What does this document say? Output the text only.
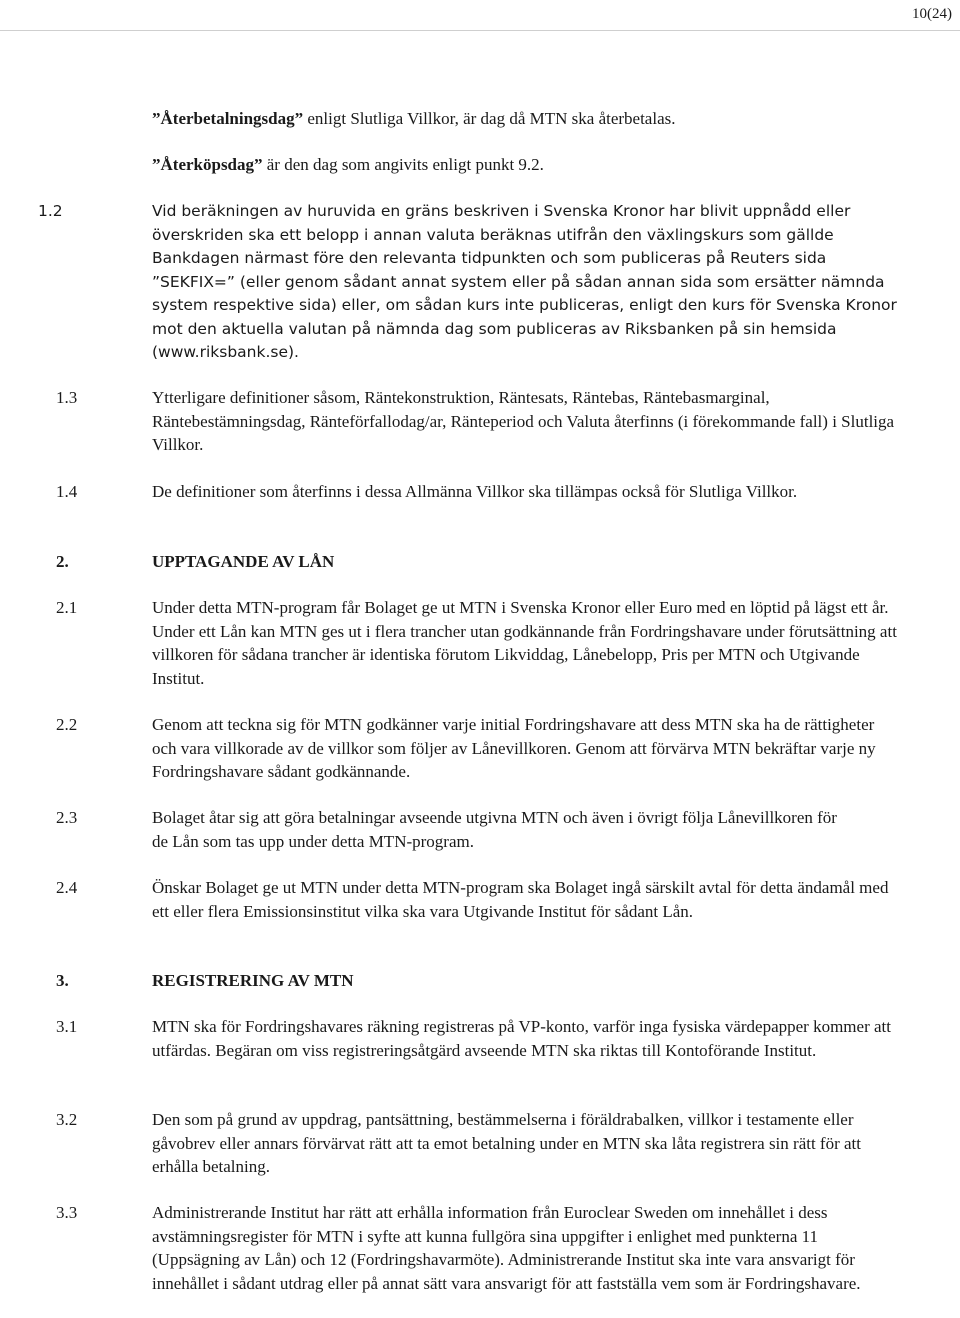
10(24)
”Återbetalningsdag” enligt Slutliga Villkor, är dag då MTN ska återbetalas.
”Återköpsdag” är den dag som angivits enligt punkt 9.2.
1.2	Vid beräkningen av huruvida en gräns beskriven i Svenska Kronor har blivit uppnådd eller överskriden ska ett belopp i annan valuta beräknas utifrån den växlingskurs som gällde Bankdagen närmast före den relevanta tidpunkten och som publiceras på Reuters sida ”SEKFIX=” (eller genom sådant annat system eller på sådan annan sida som ersätter nämnda system respektive sida) eller, om sådan kurs inte publiceras, enligt den kurs för Svenska Kronor mot den aktuella valutan på nämnda dag som publiceras av Riksbanken på sin hemsida (www.riksbank.se).
1.3	Ytterligare definitioner såsom, Räntekonstruktion, Räntesats, Räntebas, Räntebasmarginal, Räntebestämningsdag, Ränteförfallodag/ar, Ränteperiod och Valuta återfinns (i förekommande fall) i Slutliga Villkor.
1.4	De definitioner som återfinns i dessa Allmänna Villkor ska tillämpas också för Slutliga Villkor.
2.	UPPTAGANDE AV LÅN
2.1	Under detta MTN-program får Bolaget ge ut MTN i Svenska Kronor eller Euro med en löptid på lägst ett år. Under ett Lån kan MTN ges ut i flera trancher utan godkännande från Fordringshavare under förutsättning att villkoren för sådana trancher är identiska förutom Likviddag, Lånebelopp, Pris per MTN och Utgivande Institut.
2.2	Genom att teckna sig för MTN godkänner varje initial Fordringshavare att dess MTN ska ha de rättigheter och vara villkorade av de villkor som följer av Lånevillkoren. Genom att förvärva MTN bekräftar varje ny Fordringshavare sådant godkännande.
2.3	Bolaget åtar sig att göra betalningar avseende utgivna MTN och även i övrigt följa Lånevillkoren för de Lån som tas upp under detta MTN-program.
2.4	Önskar Bolaget ge ut MTN under detta MTN-program ska Bolaget ingå särskilt avtal för detta ändamål med ett eller flera Emissionsinstitut vilka ska vara Utgivande Institut för sådant Lån.
3.	REGISTRERING AV MTN
3.1	MTN ska för Fordringshavares räkning registreras på VP-konto, varför inga fysiska värdepapper kommer att utfärdas. Begäran om viss registreringsåtgärd avseende MTN ska riktas till Kontoförande Institut.
3.2	Den som på grund av uppdrag, pantsättning, bestämmelserna i föräldrabalken, villkor i testamente eller gåvobrev eller annars förvärvat rätt att ta emot betalning under en MTN ska låta registrera sin rätt för att erhålla betalning.
3.3	Administrerande Institut har rätt att erhålla information från Euroclear Sweden om innehållet i dess avstämningsregister för MTN i syfte att kunna fullgöra sina uppgifter i enlighet med punkterna 11 (Uppsägning av Lån) och 12 (Fordringshavarmöte). Administrerande Institut ska inte vara ansvarigt för innehållet i sådant utdrag eller på annat sätt vara ansvarigt för att fastställa vem som är Fordringshavare.
